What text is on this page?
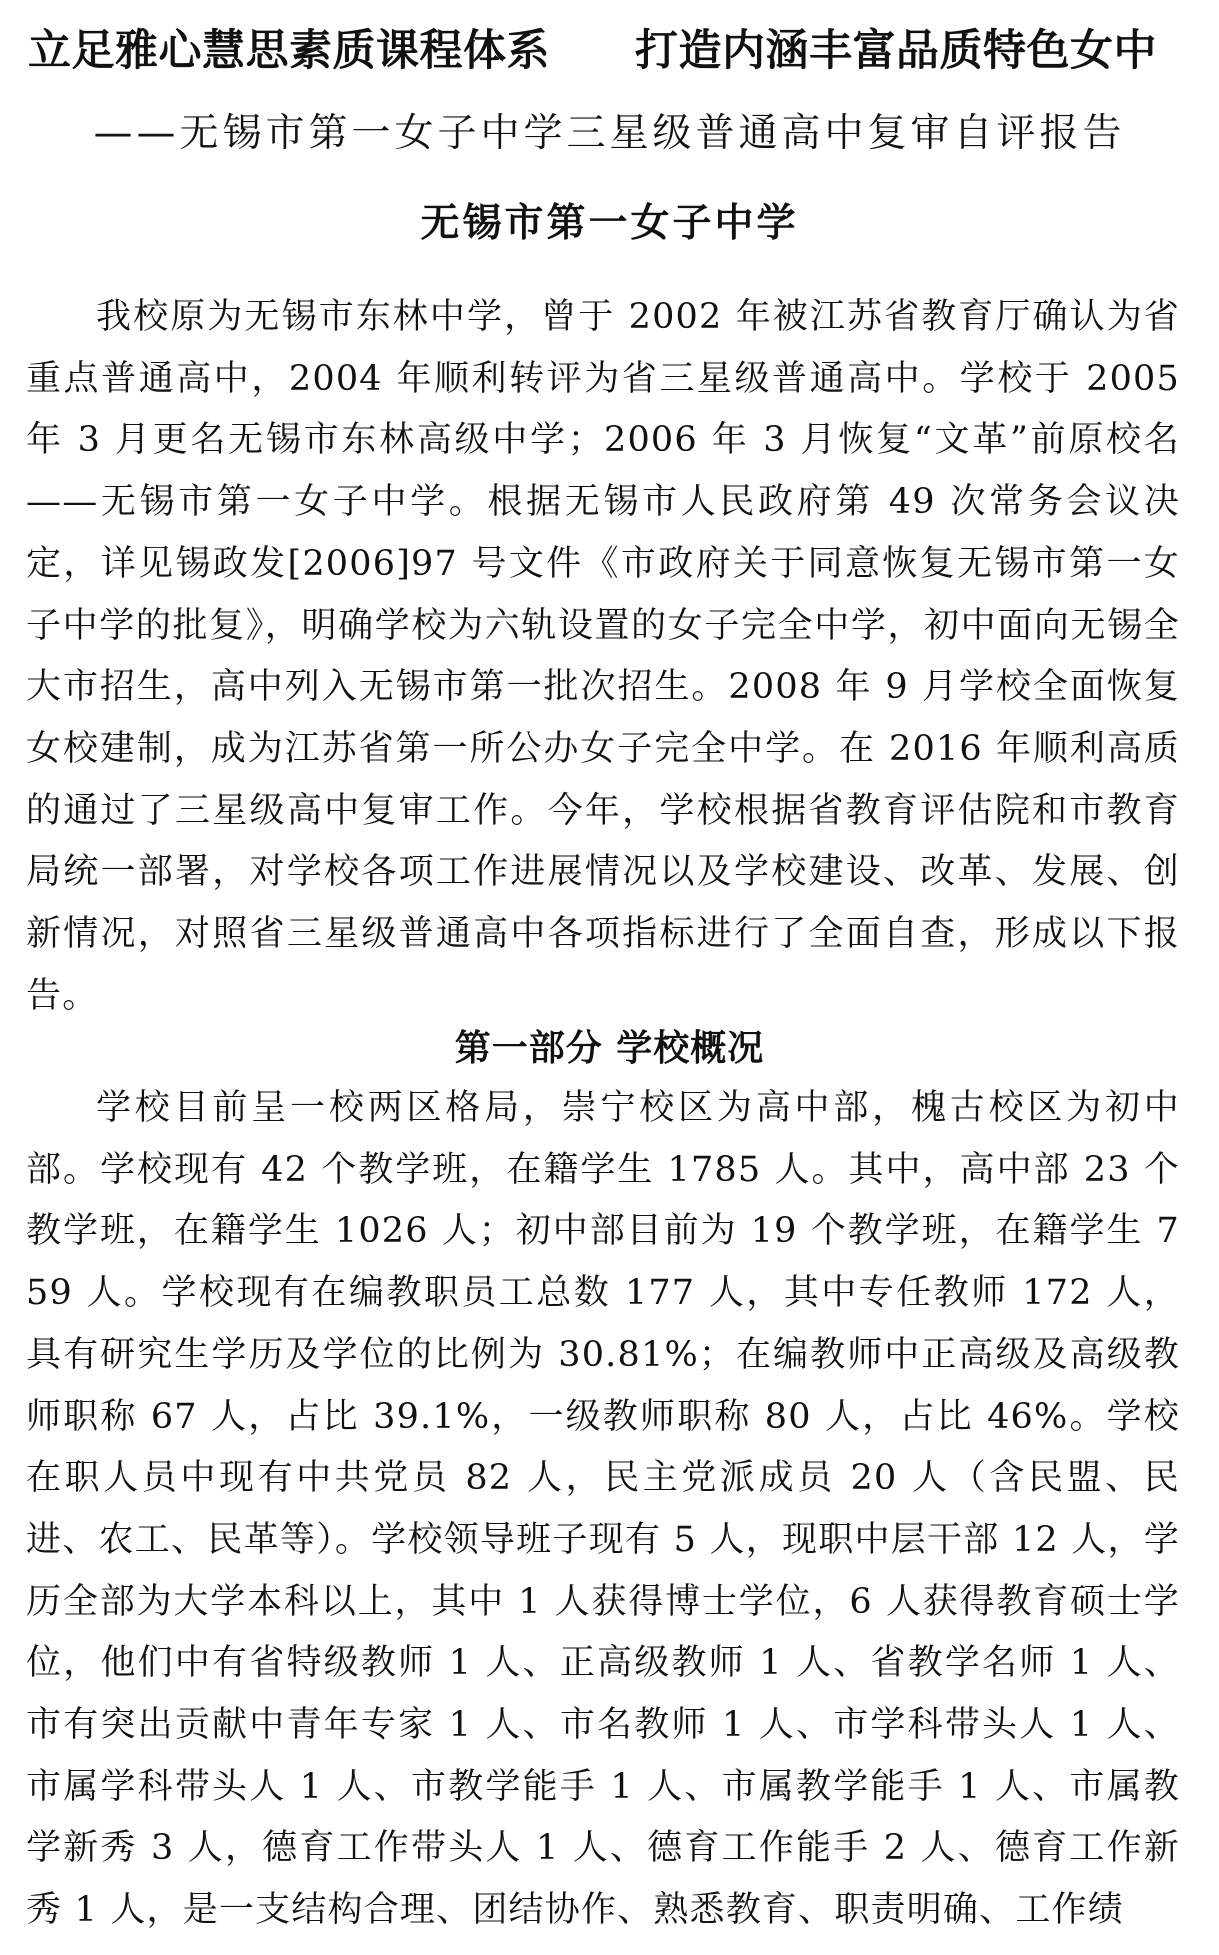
立足雅心慧思素质课程体系 打造内涵丰富品质特色女中
——无锡市第一女子中学三星级普通高中复审自评报告
无锡市第一女子中学

我校原为无锡市东林中学，曾于 2002 年被江苏省教育厅确认为省重点普通高中，2004 年顺利转评为省三星级普通高中。学校于 2005 年 3 月更名无锡市东林高级中学；2006 年 3 月恢复“文革”前原校名——无锡市第一女子中学。根据无锡市人民政府第 49 次常务会议决定，详见锡政发[2006]97 号文件《市政府关于同意恢复无锡市第一女子中学的批复》，明确学校为六轨设置的女子完全中学，初中面向无锡全大市招生，高中列入无锡市第一批次招生。2008 年 9 月学校全面恢复女校建制，成为江苏省第一所公办女子完全中学。在 2016 年顺利高质的通过了三星级高中复审工作。今年，学校根据省教育评估院和市教育局统一部署，对学校各项工作进展情况以及学校建设、改革、发展、创新情况，对照省三星级普通高中各项指标进行了全面自查，形成以下报告。

第一部分 学校概况

学校目前呈一校两区格局，崇宁校区为高中部，槐古校区为初中部。学校现有 42 个教学班，在籍学生 1785 人。其中，高中部 23 个教学班，在籍学生 1026 人；初中部目前为 19 个教学班，在籍学生 759 人。学校现有在编教职员工总数 177 人，其中专任教师 172 人，具有研究生学历及学位的比例为 30.81%；在编教师中正高级及高级教师职称 67 人，占比 39.1%，一级教师职称 80 人，占比 46%。学校在职人员中现有中共党员 82 人，民主党派成员 20 人（含民盟、民进、农工、民革等）。学校领导班子现有 5 人，现职中层干部 12 人，学历全部为大学本科以上，其中 1 人获得博士学位，6 人获得教育硕士学位，他们中有省特级教师 1 人、正高级教师 1 人、省教学名师 1 人、市有突出贡献中青年专家 1 人、市名教师 1 人、市学科带头人 1 人、市属学科带头人 1 人、市教学能手 1 人、市属教学能手 1 人、市属教学新秀 3 人，德育工作带头人 1 人、德育工作能手 2 人、德育工作新秀 1 人，是一支结构合理、团结协作、熟悉教育、职责明确、工作绩
